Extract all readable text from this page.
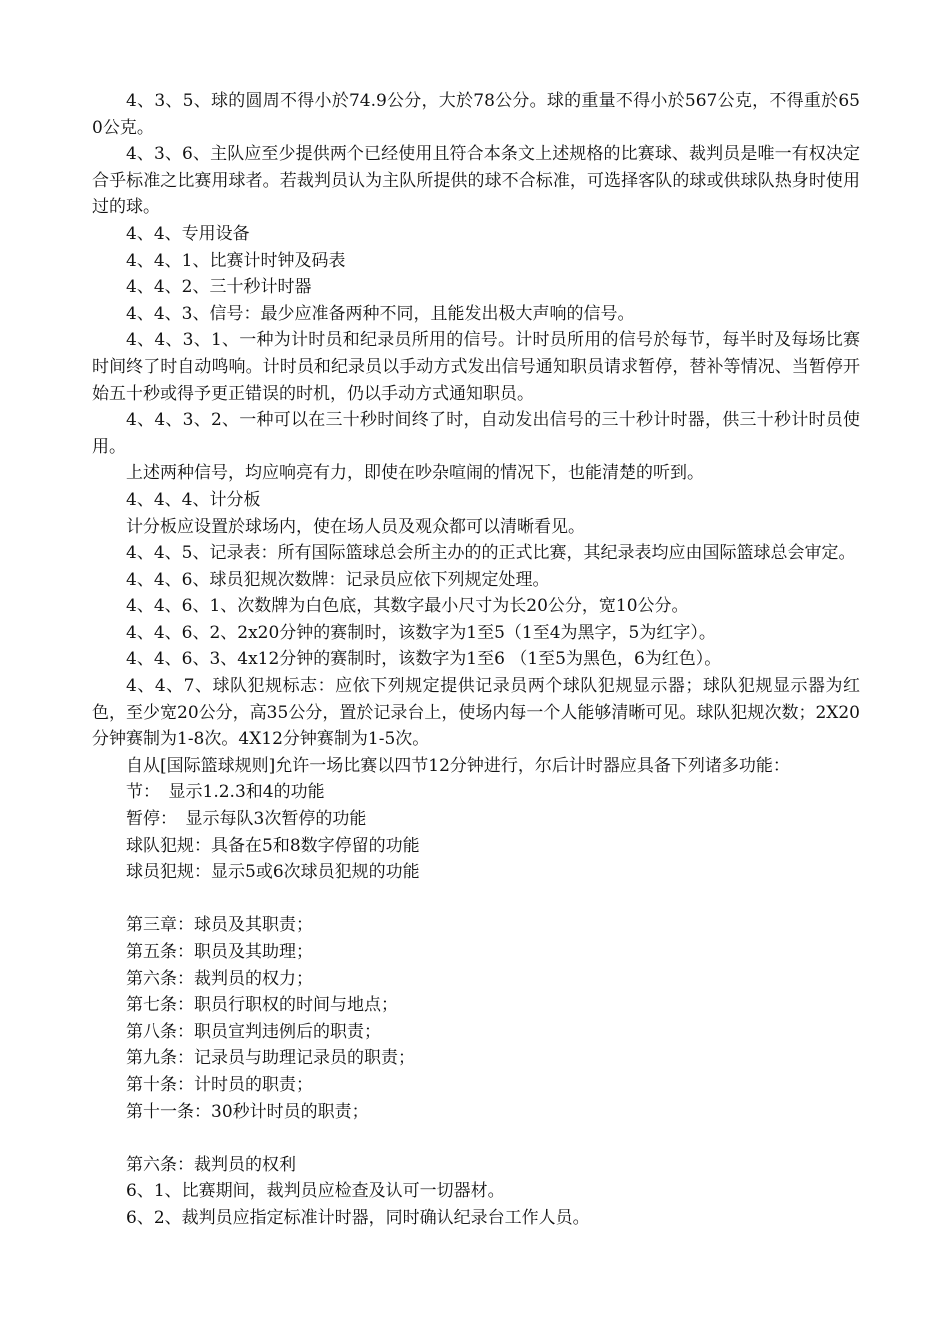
4、3、5、球的圆周不得小於74.9公分，大於78公分。球的重量不得小於567公克，不得重於650公克。

4、3、6、主队应至少提供两个已经使用且符合本条文上述规格的比赛球、裁判员是唯一有权决定合乎标准之比赛用球者。若裁判员认为主队所提供的球不合标准，可选择客队的球或供球队热身时使用过的球。

4、4、专用设备

4、4、1、比赛计时钟及码表

4、4、2、三十秒计时器

4、4、3、信号：最少应准备两种不同，且能发出极大声响的信号。

4、4、3、1、一种为计时员和纪录员所用的信号。计时员所用的信号於每节，每半时及每场比赛时间终了时自动鸣响。计时员和纪录员以手动方式发出信号通知职员请求暂停，替补等情况、当暂停开始五十秒或得予更正错误的时机，仍以手动方式通知职员。

4、4、3、2、一种可以在三十秒时间终了时，自动发出信号的三十秒计时器，供三十秒计时员使用。

上述两种信号，均应响亮有力，即使在吵杂喧闹的情况下，也能清楚的听到。

4、4、4、计分板

计分板应设置於球场内，使在场人员及观众都可以清晰看见。

4、4、5、记录表：所有国际篮球总会所主办的的正式比赛，其纪录表均应由国际篮球总会审定。

4、4、6、球员犯规次数牌：记录员应依下列规定处理。

4、4、6、1、次数牌为白色底，其数字最小尺寸为长20公分，宽10公分。

4、4、6、2、2x20分钟的赛制时，该数字为1至5（1至4为黑字，5为红字）。

4、4、6、3、4x12分钟的赛制时，该数字为1至6 （1至5为黑色，6为红色）。

4、4、7、球队犯规标志：应依下列规定提供记录员两个球队犯规显示器；球队犯规显示器为红色，至少宽20公分，高35公分，置於记录台上，使场内每一个人能够清晰可见。球队犯规次数；2X20分钟赛制为1-8次。4X12分钟赛制为1-5次。

自从[国际篮球规则]允许一场比赛以四节12分钟进行，尔后计时器应具备下列诸多功能：

节：　显示1.2.3和4的功能

暂停：　显示每队3次暂停的功能

球队犯规：具备在5和8数字停留的功能

球员犯规：显示5或6次球员犯规的功能

第三章：球员及其职责；

第五条：职员及其助理；

第六条：裁判员的权力；

第七条：职员行职权的时间与地点；

第八条：职员宣判违例后的职责；

第九条：记录员与助理记录员的职责；

第十条：计时员的职责；

第十一条：30秒计时员的职责；

第六条：裁判员的权利

6、1、比赛期间，裁判员应检查及认可一切器材。

6、2、裁判员应指定标准计时器，同时确认纪录台工作人员。
